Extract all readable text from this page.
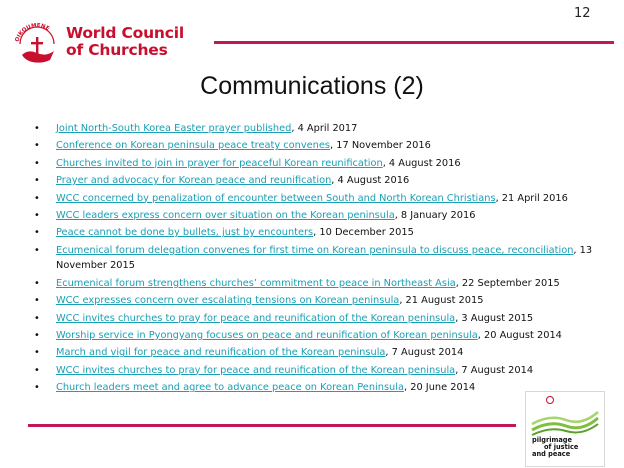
12
OIKOUMENE World Council
of Churches
Communications (2)
• Joint North-South Korea Easter prayer published, 4 April 2017
• Conference on Korean peninsula peace treaty convenes, 17 November 2016
• Churches invited to join in prayer for peaceful Korean reunification, 4 August 2016
• Prayer and advocacy for Korean peace and reunification, 4 August 2016
• WCC concerned by penalization of encounter between South and North Korean Christians, 21 April 2016
• WCC leaders express concern over situation on the Korean peninsula, 8 January 2016
• Peace cannot be done by bullets, just by encounters, 10 December 2015
• Ecumenical forum delegation convenes for first time on Korean peninsula to discuss peace, reconciliation, 13 November 2015
• Ecumenical forum strengthens churches’ commitment to peace in Northeast Asia, 22 September 2015
• WCC expresses concern over escalating tensions on Korean peninsula, 21 August 2015
• WCC invites churches to pray for peace and reunification of the Korean peninsula, 3 August 2015
• Worship service in Pyongyang focuses on peace and reunification of Korean peninsula, 20 August 2014
• March and vigil for peace and reunification of the Korean peninsula, 7 August 2014
• WCC invites churches to pray for peace and reunification of the Korean peninsula, 7 August 2014
• Church leaders meet and agree to advance peace on Korean Peninsula, 20 June 2014
pilgrimage
of justice
and peace
